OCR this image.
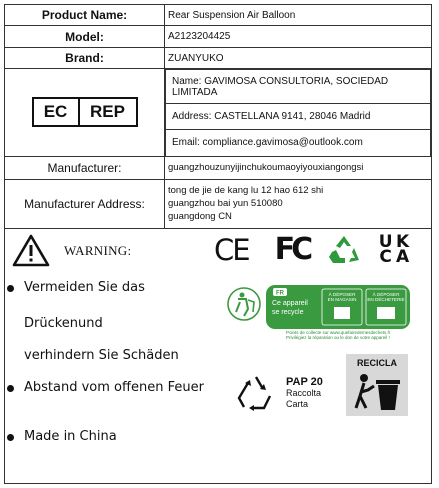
Product Name:	Rear Suspension Air Balloon
Model:	A2123204425
Brand:	ZUANYUKO

EC	REP

Name: GAVIMOSA CONSULTORIA, SOCIEDAD LIMITADA
Address: CASTELLANA 9141, 28046 Madrid
Email: compliance.gavimosa@outlook.com

Manufacturer:	guangzhouzunyijinchukoumaoyiyouxiangongsi
Manufacturer Address:	
tong de jie de kang lu 12 hao 612 shi
guangzhou bai yun 510080
guangdong CN
WARNING:
Vermeiden Sie das
Drückenund
verhindern Sie Schäden
Abstand vom offenen Feuer
Made in China
CE FC	U K
C A
FR
Ce appareil
se recycle
À DÉPOSER
EN MAGASIN
À DÉPOSER
EN DÉCHETERIE
Points de collecte sur www.quefairedemesdechets.fr
Privilégiez la réparation ou le don de votre appareil !
PAP 20
Raccolta
Carta
RECICLA
